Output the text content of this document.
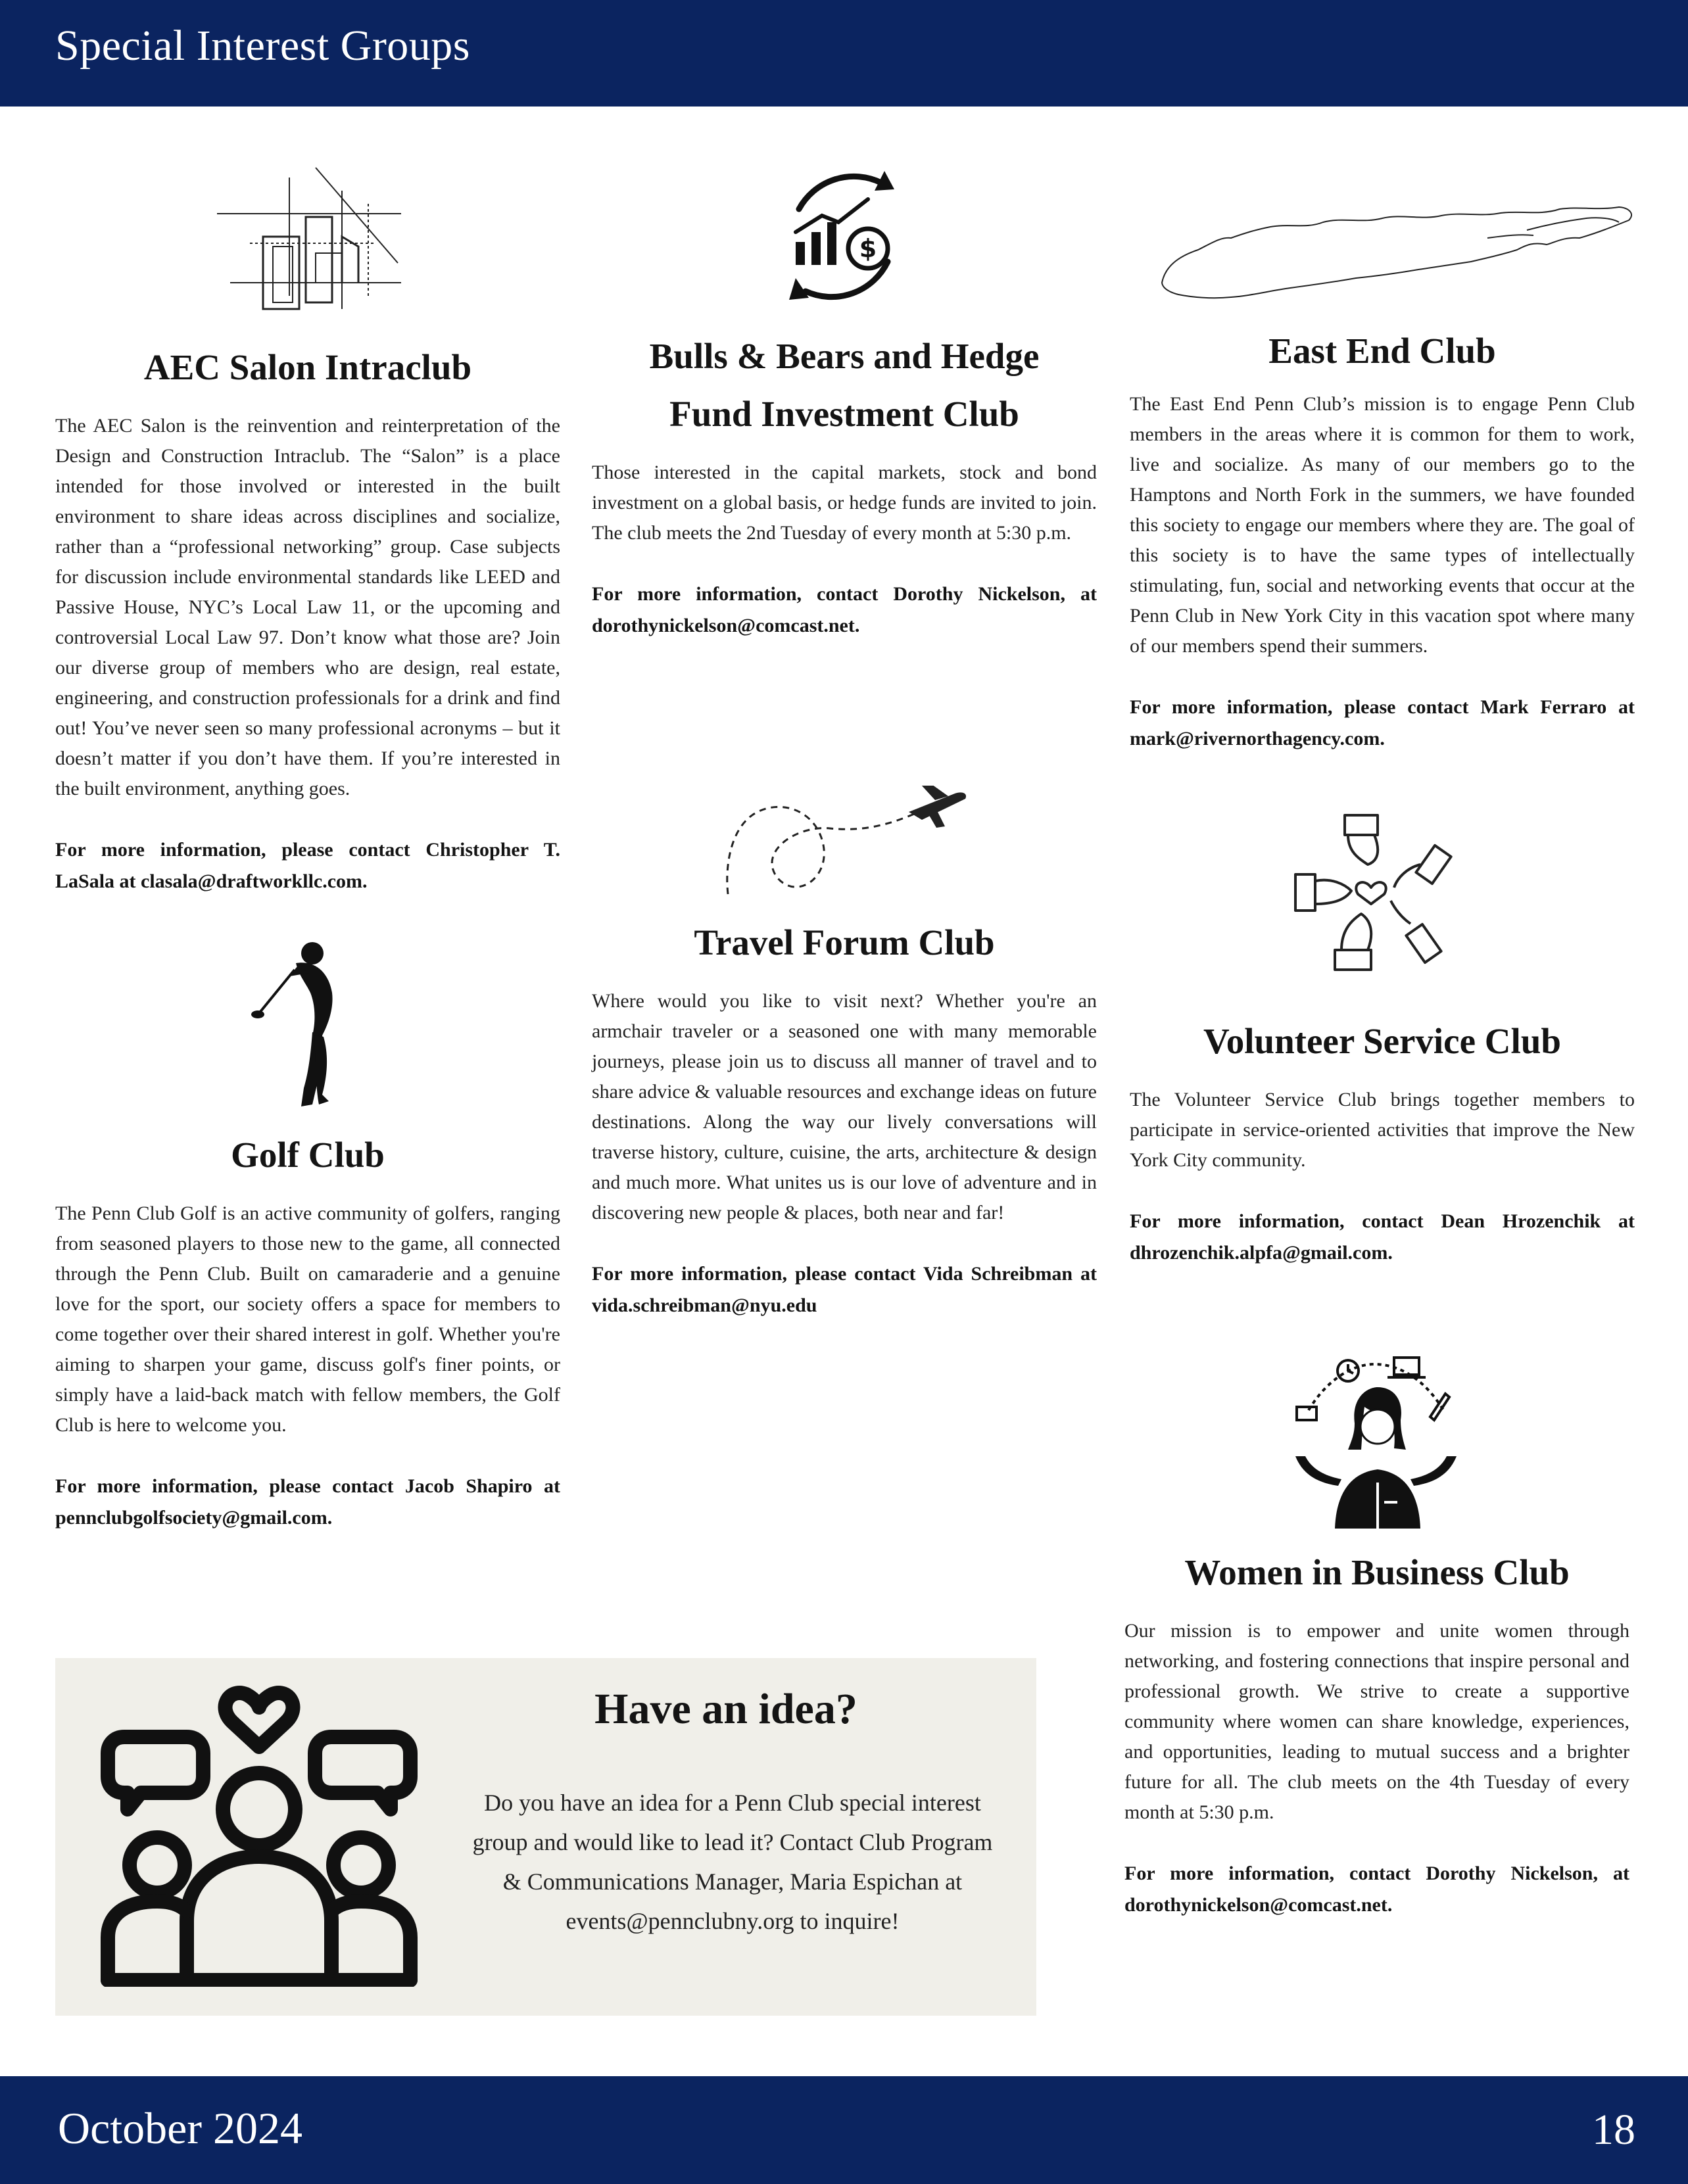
Special Interest Groups
AEC Salon Intraclub

The AEC Salon is the reinvention and reinterpretation of the Design and Construction Intraclub. The “Salon” is a place intended for those involved or interested in the built environment to share ideas across disciplines and socialize, rather than a “professional networking” group. Case subjects for discussion include environmental standards like LEED and Passive House, NYC’s Local Law 11, or the upcoming and controversial Local Law 97. Don’t know what those are? Join our diverse group of members who are design, real estate, engineering, and construction professionals for a drink and find out! You’ve never seen so many professional acronyms – but it doesn’t matter if you don’t have them. If you’re interested in the built environment, anything goes.

For more information, please contact Christopher T. LaSala at clasala@draftworkllc.com.

$
Bulls & Bears and Hedge
Fund Investment Club

Those interested in the capital markets, stock and bond investment on a global basis, or hedge funds are invited to join. The club meets the 2nd Tuesday of every month at 5:30 p.m.

For more information, contact Dorothy Nickelson, at dorothynickelson@comcast.net.

East End Club

The East End Penn Club’s mission is to engage Penn Club members in the areas where it is common for them to work, live and socialize. As many of our members go to the Hamptons and North Fork in the summers, we have founded this society to engage our members where they are. The goal of this society is to have the same types of intellectually stimulating, fun, social and networking events that occur at the Penn Club in New York City in this vacation spot where many of our members spend their summers.

For more information, please contact Mark Ferraro at mark@rivernorthagency.com.

Golf Club

The Penn Club Golf is an active community of golfers, ranging from seasoned players to those new to the game, all connected through the Penn Club. Built on camaraderie and a genuine love for the sport, our society offers a space for members to come together over their shared interest in golf. Whether you're aiming to sharpen your game, discuss golf's finer points, or simply have a laid-back match with fellow members, the Golf Club is here to welcome you.

For more information, please contact Jacob Shapiro at pennclubgolfsociety@gmail.com.

Travel Forum Club

Where would you like to visit next? Whether you're an armchair traveler or a seasoned one with many memorable journeys, please join us to discuss all manner of travel and to share advice & valuable resources and exchange ideas on future destinations. Along the way our lively conversations will traverse history, culture, cuisine, the arts, architecture & design and much more. What unites us is our love of adventure and in discovering new people & places, both near and far!

For more information, please contact Vida Schreibman at vida.schreibman@nyu.edu

Volunteer Service Club

The Volunteer Service Club brings together members to participate in service-oriented activities that improve the New York City community.

For more information, contact Dean Hrozenchik at dhrozenchik.alpfa@gmail.com.

Women in Business Club

Our mission is to empower and unite women through networking, and fostering connections that inspire personal and professional growth. We strive to create a supportive community where women can share knowledge, experiences, and opportunities, leading to mutual success and a brighter future for all. The club meets on the 4th Tuesday of every month at 5:30 p.m.

For more information, contact Dorothy Nickelson, at dorothynickelson@comcast.net.

Have an idea?

Do you have an idea for a Penn Club special interest group and would like to lead it? Contact Club Program & Communications Manager, Maria Espichan at events@pennclubny.org to inquire!

October 2024	18
